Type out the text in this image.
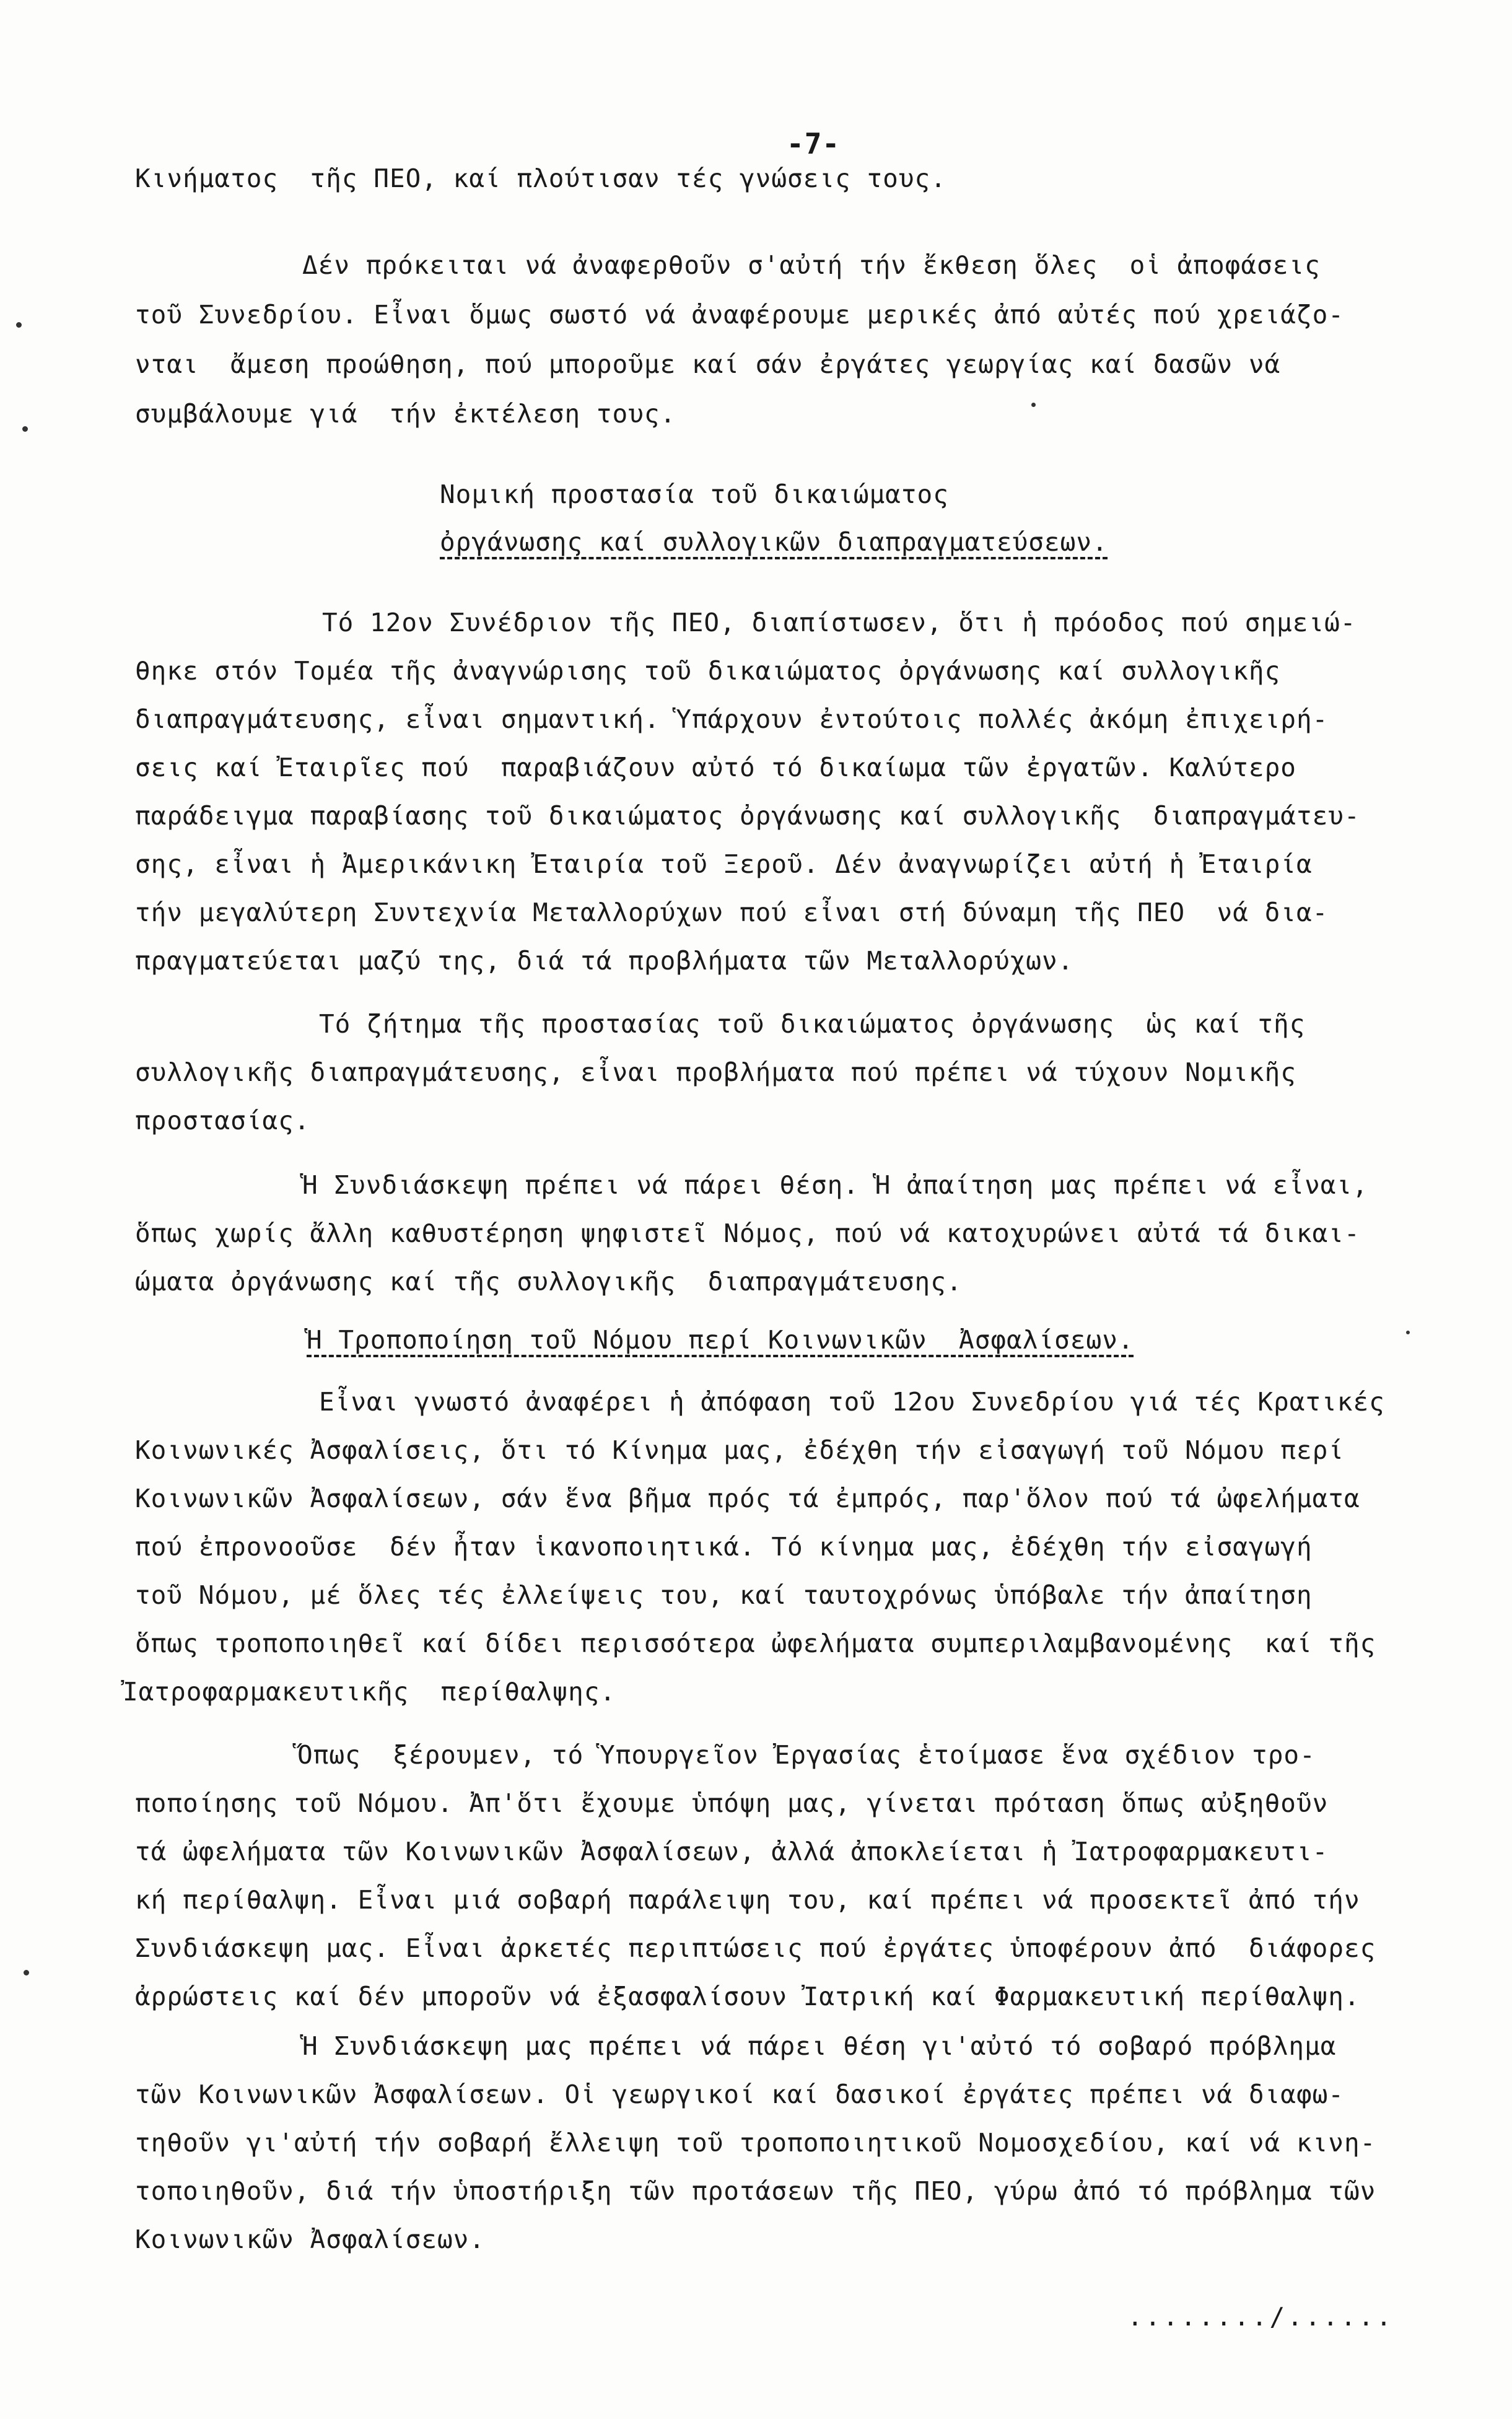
-7-
Κινήματος  τῆς ΠΕΟ, καί πλούτισαν τές γνώσεις τους.
Δέν πρόκειται νά ἀναφερθοῦν σ'αὐτή τήν ἔκθεση ὅλες  οἱ ἀποφάσεις
τοῦ Συνεδρίου. Εἶναι ὅμως σωστό νά ἀναφέρουμε μερικές ἀπό αὐτές πού χρειάζο-
νται  ἄμεση προώθηση, πού μποροῦμε καί σάν ἐργάτες γεωργίας καί δασῶν νά
συμβάλουμε γιά  τήν ἐκτέλεση τους.
Νομική προστασία τοῦ δικαιώματος
ὀργάνωσης καί συλλογικῶν διαπραγματεύσεων.
Τό 12ον Συνέδριον τῆς ΠΕΟ, διαπίστωσεν, ὅτι ἡ πρόοδος πού σημειώ-
θηκε στόν Τομέα τῆς ἀναγνώρισης τοῦ δικαιώματος ὀργάνωσης καί συλλογικῆς
διαπραγμάτευσης, εἶναι σημαντική. Ὑπάρχουν ἐντούτοις πολλές ἀκόμη ἐπιχειρή-
σεις καί Ἐταιρῖες πού  παραβιάζουν αὐτό τό δικαίωμα τῶν ἐργατῶν. Καλύτερο
παράδειγμα παραβίασης τοῦ δικαιώματος ὀργάνωσης καί συλλογικῆς  διαπραγμάτευ-
σης, εἶναι ἡ Ἀμερικάνικη Ἐταιρία τοῦ Ξεροῦ. Δέν ἀναγνωρίζει αὐτή ἡ Ἐταιρία
τήν μεγαλύτερη Συντεχνία Μεταλλορύχων πού εἶναι στή δύναμη τῆς ΠΕΟ  νά δια-
πραγματεύεται μαζύ της, διά τά προβλήματα τῶν Μεταλλορύχων.
Τό ζήτημα τῆς προστασίας τοῦ δικαιώματος ὀργάνωσης  ὡς καί τῆς
συλλογικῆς διαπραγμάτευσης, εἶναι προβλήματα πού πρέπει νά τύχουν Νομικῆς
προστασίας.
Ἡ Συνδιάσκεψη πρέπει νά πάρει θέση. Ἡ ἀπαίτηση μας πρέπει νά εἶναι,
ὅπως χωρίς ἄλλη καθυστέρηση ψηφιστεῖ Νόμος, πού νά κατοχυρώνει αὐτά τά δικαι-
ώματα ὀργάνωσης καί τῆς συλλογικῆς  διαπραγμάτευσης.
Ἡ Τροποποίηση τοῦ Νόμου περί Κοινωνικῶν  Ἀσφαλίσεων.
Εἶναι γνωστό ἀναφέρει ἡ ἀπόφαση τοῦ 12ου Συνεδρίου γιά τές Κρατικές
Κοινωνικές Ἀσφαλίσεις, ὅτι τό Κίνημα μας, ἐδέχθη τήν εἰσαγωγή τοῦ Νόμου περί
Κοινωνικῶν Ἀσφαλίσεων, σάν ἕνα βῆμα πρός τά ἐμπρός, παρ'ὅλον πού τά ὠφελήματα
πού ἐπρονοοῦσε  δέν ἦταν ἱκανοποιητικά. Τό κίνημα μας, ἐδέχθη τήν εἰσαγωγή
τοῦ Νόμου, μέ ὅλες τές ἐλλείψεις του, καί ταυτοχρόνως ὑπόβαλε τήν ἀπαίτηση
ὅπως τροποποιηθεῖ καί δίδει περισσότερα ὠφελήματα συμπεριλαμβανομένης  καί τῆς
Ἰατροφαρμακευτικῆς  περίθαλψης.
Ὅπως  ξέρουμεν, τό Ὑπουργεῖον Ἐργασίας ἑτοίμασε ἕνα σχέδιον τρο-
ποποίησης τοῦ Νόμου. Ἀπ'ὅτι ἔχουμε ὑπόψη μας, γίνεται πρόταση ὅπως αὐξηθοῦν
τά ὠφελήματα τῶν Κοινωνικῶν Ἀσφαλίσεων, ἀλλά ἀποκλείεται ἡ Ἰατροφαρμακευτι-
κή περίθαλψη. Εἶναι μιά σοβαρή παράλειψη του, καί πρέπει νά προσεκτεῖ ἀπό τήν
Συνδιάσκεψη μας. Εἶναι ἀρκετές περιπτώσεις πού ἐργάτες ὑποφέρουν ἀπό  διάφορες
ἀρρώστεις καί δέν μποροῦν νά ἐξασφαλίσουν Ἰατρική καί Φαρμακευτική περίθαλψη.
Ἡ Συνδιάσκεψη μας πρέπει νά πάρει θέση γι'αὐτό τό σοβαρό πρόβλημα
τῶν Κοινωνικῶν Ἀσφαλίσεων. Οἱ γεωργικοί καί δασικοί ἐργάτες πρέπει νά διαφω-
τηθοῦν γι'αὐτή τήν σοβαρή ἔλλειψη τοῦ τροποποιητικοῦ Νομοσχεδίου, καί νά κινη-
τοποιηθοῦν, διά τήν ὑποστήριξη τῶν προτάσεων τῆς ΠΕΟ, γύρω ἀπό τό πρόβλημα τῶν
Κοινωνικῶν Ἀσφαλίσεων.
......../......
